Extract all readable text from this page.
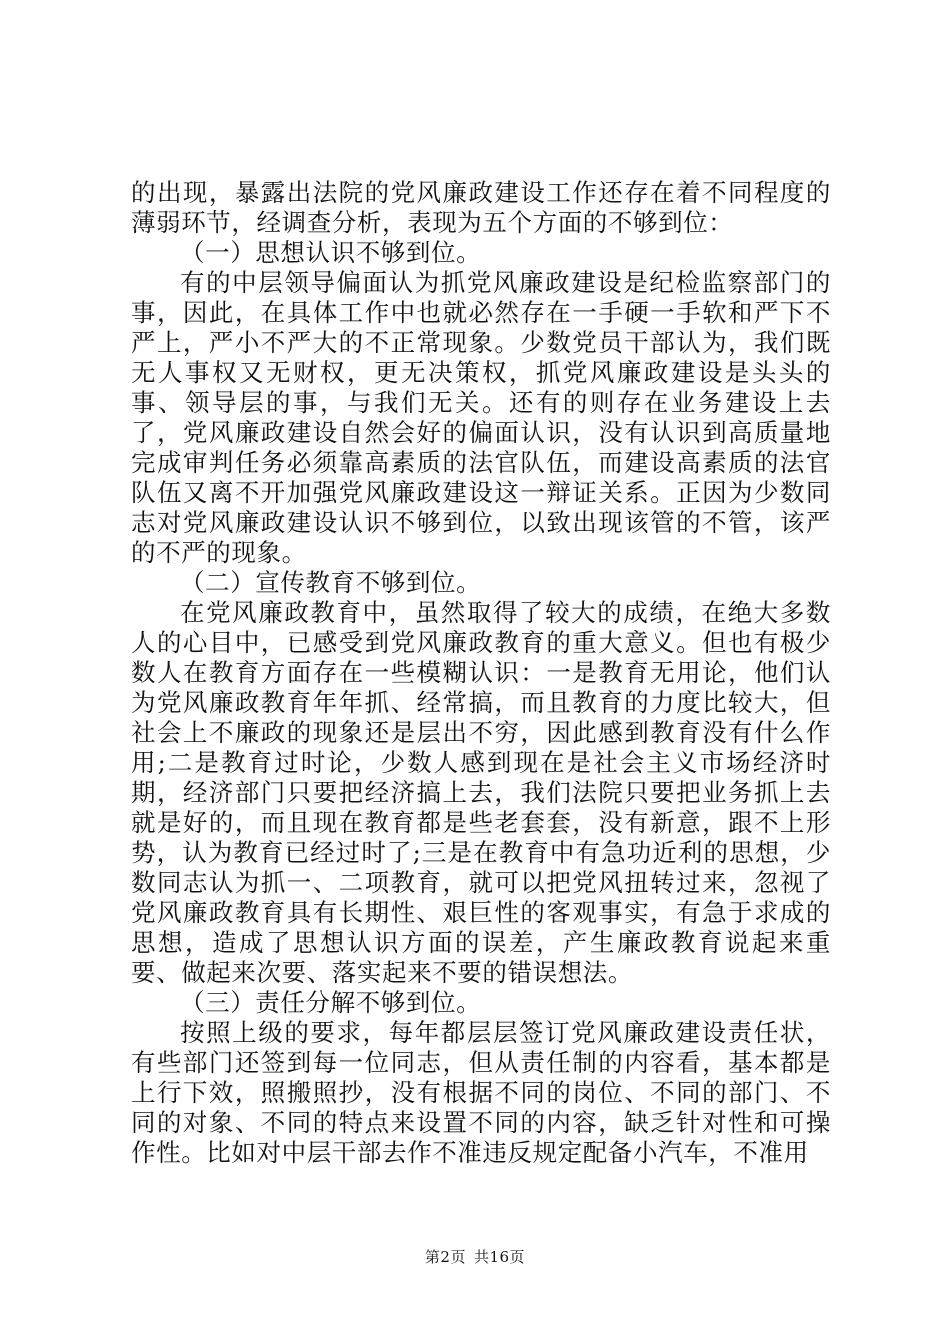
的出现，暴露出法院的党风廉政建设工作还存在着不同程度的薄弱环节，经调查分析，表现为五个方面的不够到位：

（一）思想认识不够到位。

有的中层领导偏面认为抓党风廉政建设是纪检监察部门的事，因此，在具体工作中也就必然存在一手硬一手软和严下不严上，严小不严大的不正常现象。少数党员干部认为，我们既无人事权又无财权，更无决策权，抓党风廉政建设是头头的事、领导层的事，与我们无关。还有的则存在业务建设上去了，党风廉政建设自然会好的偏面认识，没有认识到高质量地完成审判任务必须靠高素质的法官队伍，而建设高素质的法官队伍又离不开加强党风廉政建设这一辩证关系。正因为少数同志对党风廉政建设认识不够到位，以致出现该管的不管，该严的不严的现象。

（二）宣传教育不够到位。

在党风廉政教育中，虽然取得了较大的成绩，在绝大多数人的心目中，已感受到党风廉政教育的重大意义。但也有极少数人在教育方面存在一些模糊认识：一是教育无用论，他们认为党风廉政教育年年抓、经常搞，而且教育的力度比较大，但社会上不廉政的现象还是层出不穷，因此感到教育没有什么作用;二是教育过时论，少数人感到现在是社会主义市场经济时期，经济部门只要把经济搞上去，我们法院只要把业务抓上去就是好的，而且现在教育都是些老套套，没有新意，跟不上形势，认为教育已经过时了;三是在教育中有急功近利的思想，少数同志认为抓一、二项教育，就可以把党风扭转过来，忽视了党风廉政教育具有长期性、艰巨性的客观事实，有急于求成的思想，造成了思想认识方面的误差，产生廉政教育说起来重要、做起来次要、落实起来不要的错误想法。

（三）责任分解不够到位。

按照上级的要求，每年都层层签订党风廉政建设责任状，有些部门还签到每一位同志，但从责任制的内容看，基本都是上行下效，照搬照抄，没有根据不同的岗位、不同的部门、不同的对象、不同的特点来设置不同的内容，缺乏针对性和可操作性。比如对中层干部去作不准违反规定配备小汽车，不准用

第2页 共16页
